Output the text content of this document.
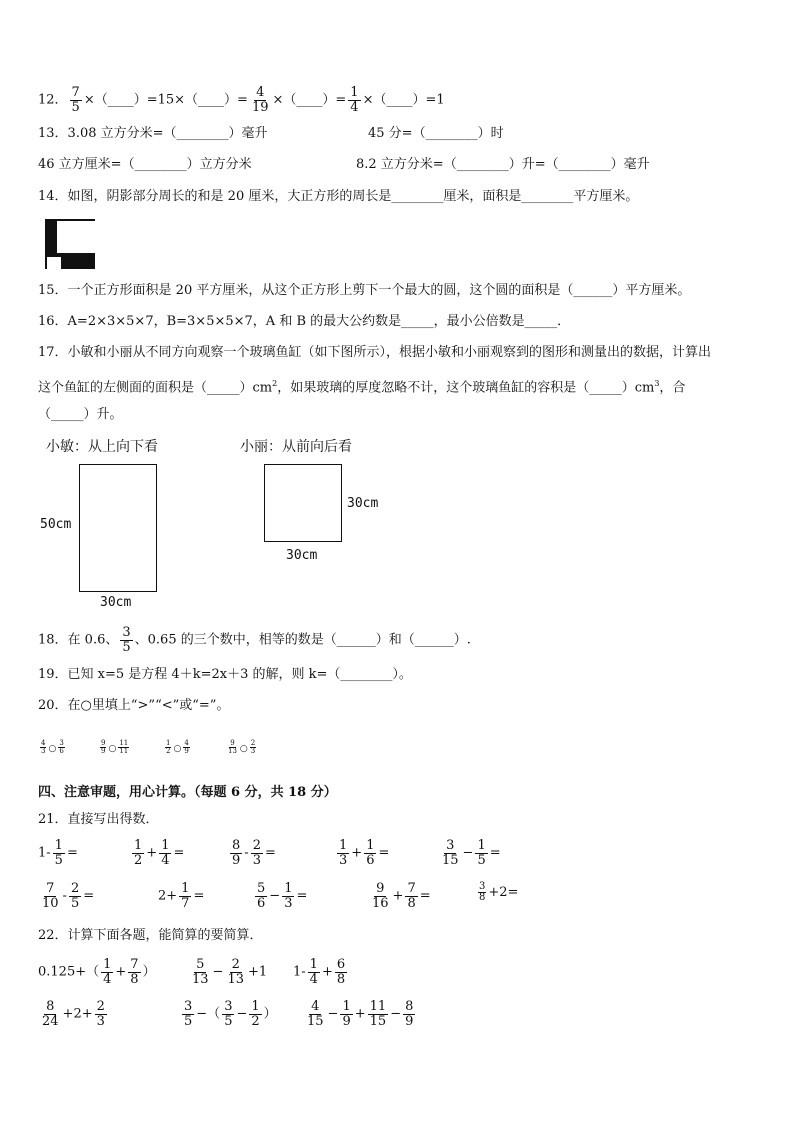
12． $\frac{7}{5}$ ×（____）=15×（____）= $\frac{4}{19}$ ×（____）= $\frac{1}{4}$ ×（____）=1
13．3.08 立方分米=（________）毫升	45 分=（________）时
46 立方厘米=（________）立方分米	8.2 立方分米=（________）升=（________）毫升
14．如图，阴影部分周长的和是 20 厘米，大正方形的周长是________厘米，面积是________平方厘米。
15．一个正方形面积是 20 平方厘米，从这个正方形上剪下一个最大的圆，这个圆的面积是（______）平方厘米。
16．A=2×3×5×7，B=3×5×5×7，A 和 B 的最大公约数是_____，最小公倍数是_____．
17．小敏和小丽从不同方向观察一个玻璃鱼缸（如下图所示），根据小敏和小丽观察到的图形和测量出的数据，计算出
这个鱼缸的左侧面的面积是$(\_\_\_\_\_)cm^2$，如果玻璃的厚度忽略不计，这个玻璃鱼缸的容积是$(\_\_\_\_\_)cm^3$，合
（_____）升。
小敏：从上向下看	小丽：从前向后看
50cm
30cm
30cm
30cm
18．在 0.6、 $\frac{3}{5}$ 、0.65 的三个数中，相等的数是（______）和（______）.
19．已知 x=5 是方程 4＋k=2x＋3 的解，则 k=（________）。
20．在○里填上“>”“<”或“=”。
$\frac{4}{3}$ ○ $\frac{3}{6}$	$\frac{9}{9}$ ○ $\frac{11}{11}$	$\frac{1}{2}$ ○ $\frac{4}{9}$	$\frac{9}{13}$ ○ $\frac{2}{3}$
四、注意审题，用心计算。（每题 6 分，共 18 分）
21．直接写出得数．
$1- \frac{1}{5}$ =	$\frac{1}{2} + \frac{1}{4}$ =	$\frac{8}{9} - \frac{2}{3}$ =	$\frac{1}{3} + \frac{1}{6}$ =	$\frac{3}{15} - \frac{1}{5}$ =
$\frac{7}{10} - \frac{2}{5}$ =	$2+ \frac{1}{7}$ =	$\frac{5}{6} - \frac{1}{3}$ =	$\frac{9}{16} + \frac{7}{8}$ =	$\frac{3}{8} +2=$
22．计算下面各题，能简算的要简算．
$0.125+( \frac{1}{4} + \frac{7}{8}$ ）	$\frac{5}{13} - \frac{2}{13} +1$ $1- \frac{1}{4} + \frac{6}{8}$
$\frac{8}{24} +2+ \frac{2}{3}$	$\frac{3}{5}$ −（ $\frac{3}{5} - \frac{1}{2}$ ） $\frac{4}{15} - \frac{1}{9} + \frac{11}{15} - \frac{8}{9}$
